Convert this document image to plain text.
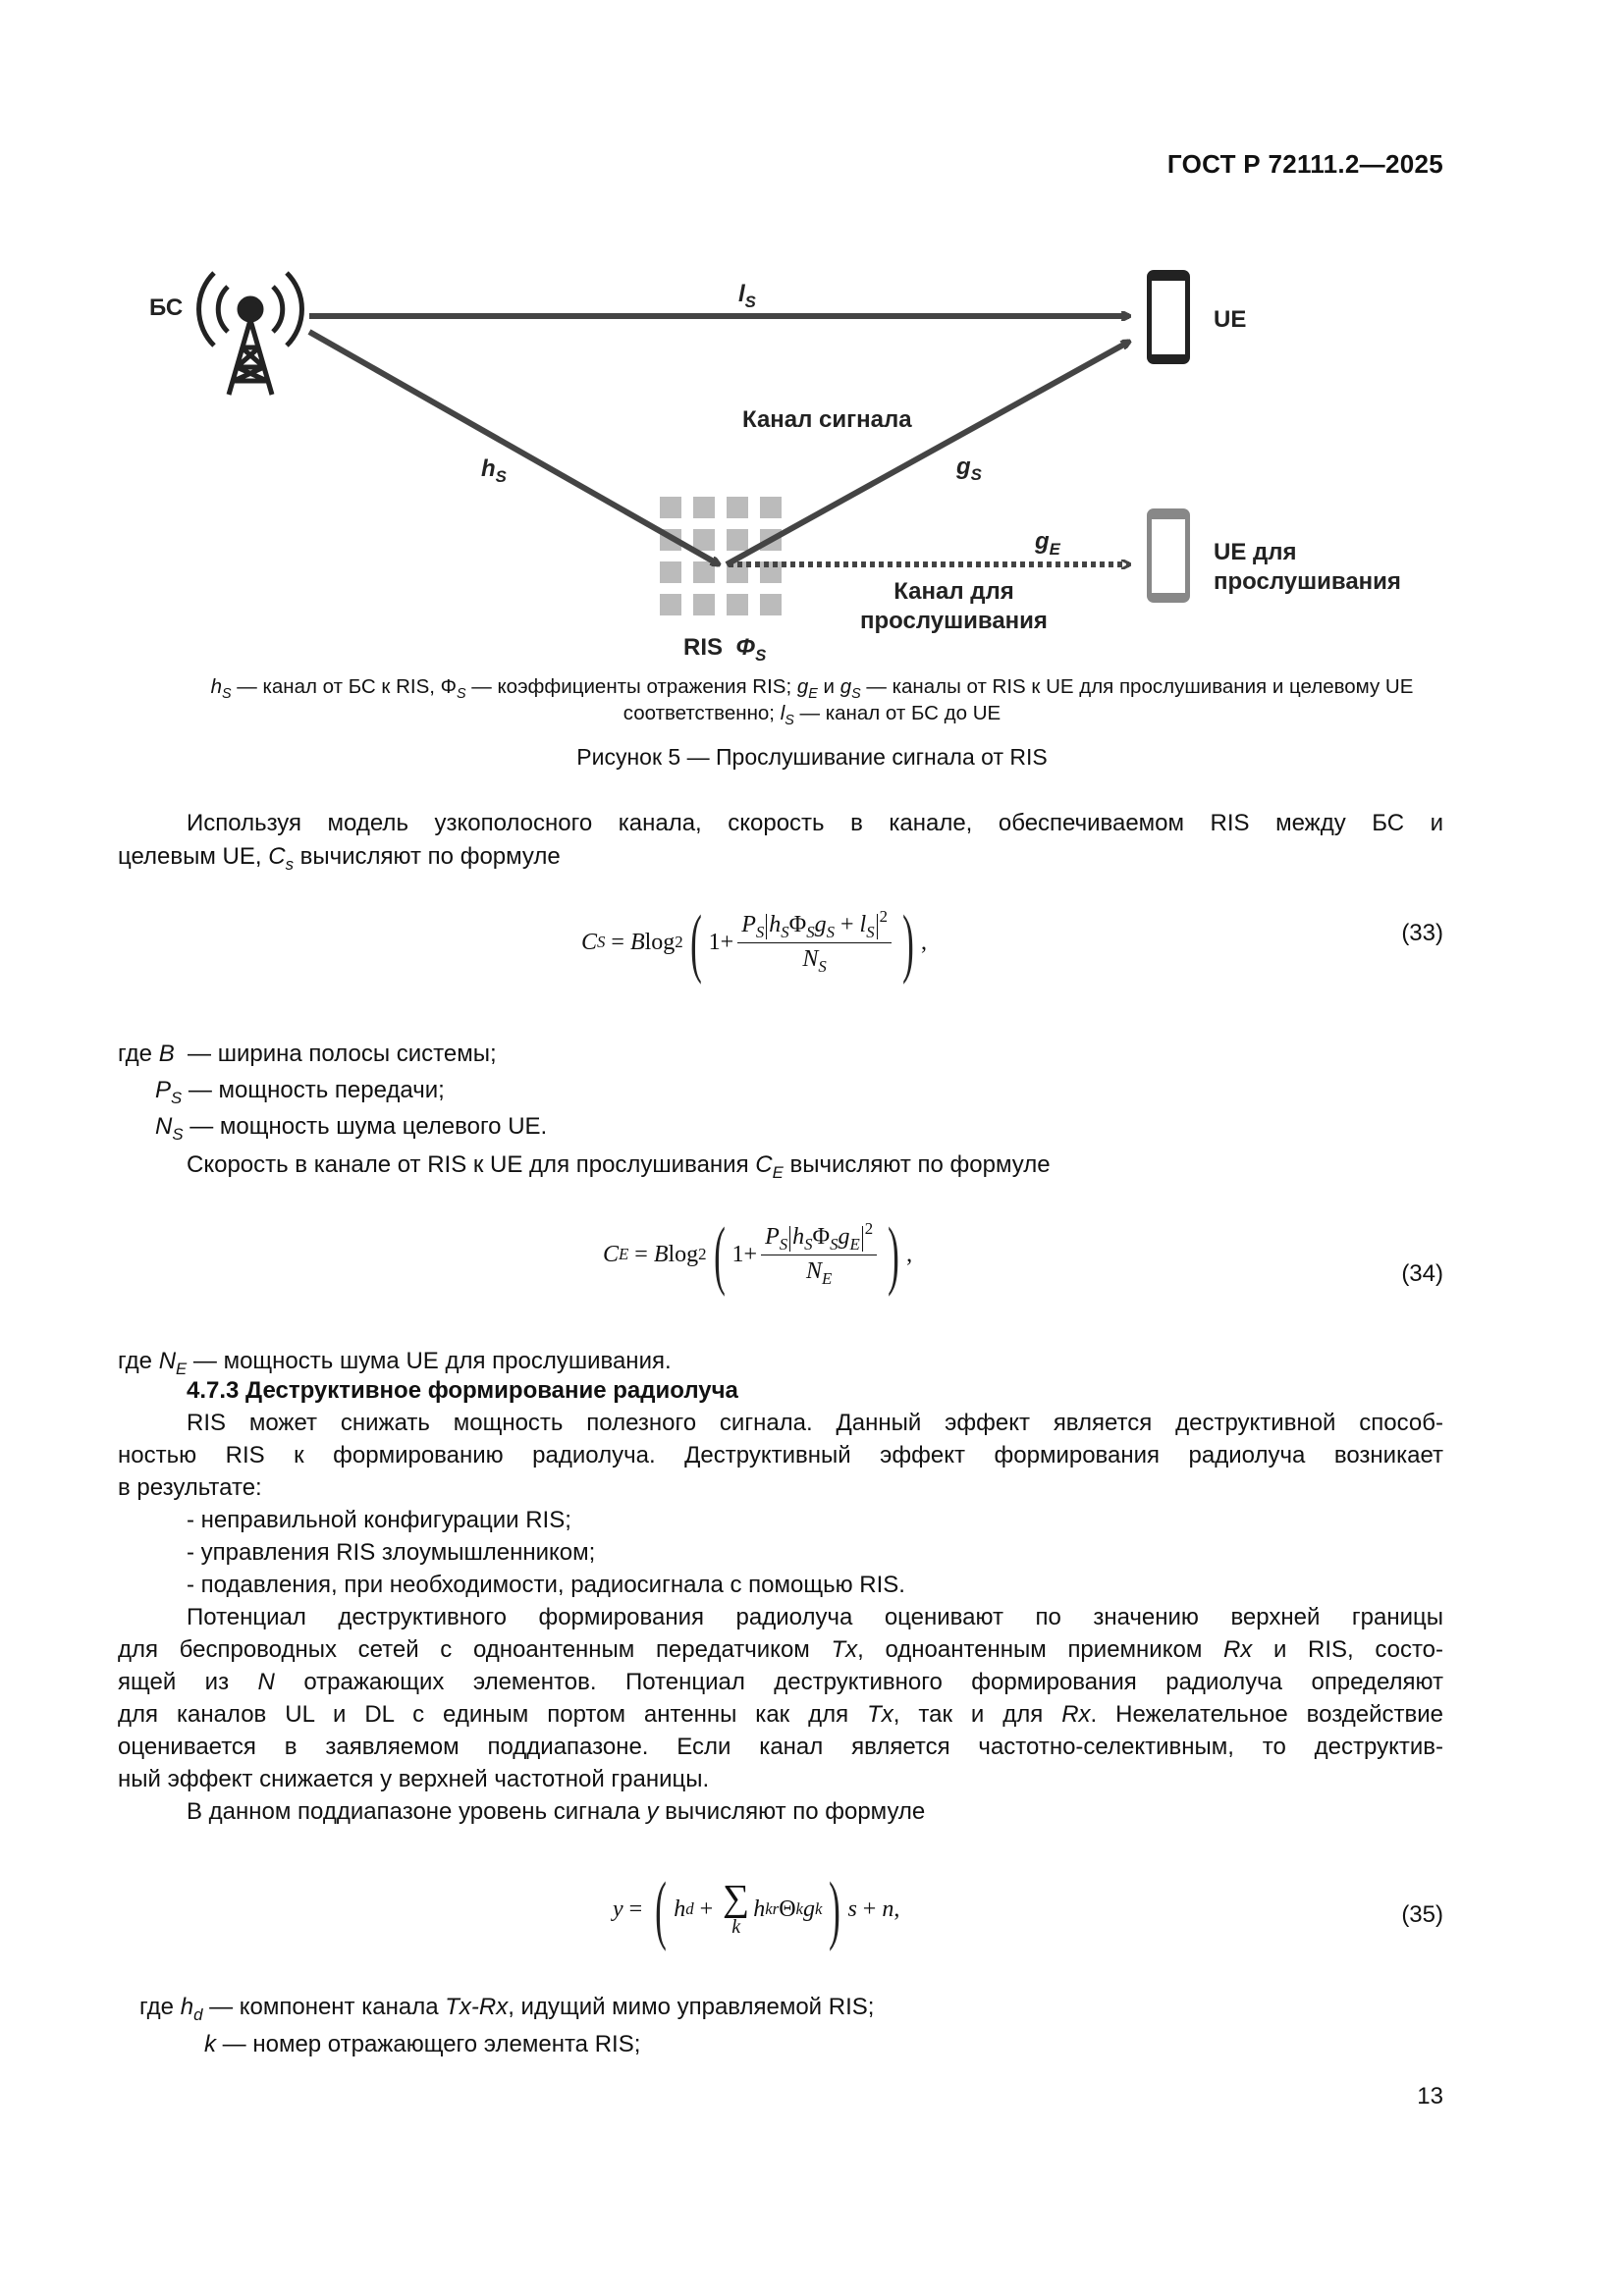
ГОСТ Р 72111.2—2025
БС	UE
$l_S$
Канал сигнала
$h_S$	$g_S$
$g_E$	UE для
прослушивания
Канал для
прослушивания
RIS $\Phi_S$
$h_S$ — канал от БС к RIS, $\Phi_S$ — коэффициенты отражения RIS; $g_E$ и $g_S$ — каналы от RIS к UE для прослушивания и целевому UE
соответственно; $l_S$ — канал от БС до UE
Рисунок 5 — Прослушивание сигнала от RIS
Используя модель узкополосного канала, скорость в канале, обеспечиваемом RIS между БС и
целевым UE, $C_s$ вычисляют по формуле
C S = B log 2 ( $1+ \frac{P_S h_S\Phi_Sg_S + l_S^2}{N_S}$ ) ,	(33)
где B  — ширина полосы системы;
$P_S$ — мощность передачи;
$N_S$ — мощность шума целевого UE.
Скорость в канале от RIS к UE для прослушивания $C_E$ вычисляют по формуле
C E = B log 2 ( $1+ \frac{P_S h_S\Phi_Sg_E^2}{N_E}$ ) ,
(34)
где $N_E$ — мощность шума UE для прослушивания.
4.7.3 Деструктивное формирование радиолуча
RIS может снижать мощность полезного сигнала. Данный эффект является деструктивной способ-
ностью RIS к формированию радиолуча. Деструктивный эффект формирования радиолуча возникает
в результате:
- неправильной конфигурации RIS;
- управления RIS злоумышленником;
- подавления, при необходимости, радиосигнала с помощью RIS.
Потенциал деструктивного формирования радиолуча оценивают по значению верхней границы
для беспроводных сетей с одноантенным передатчиком Tx, одноантенным приемником Rx и RIS, состо-
ящей из N отражающих элементов. Потенциал деструктивного формирования радиолуча определяют
для каналов UL и DL с единым портом антенны как для Tx, так и для Rx. Нежелательное воздействие
оценивается в заявляемом поддиапазоне. Если канал является частотно-селективным, то деструктив-
ный эффект снижается у верхней частотной границы.
В данном поддиапазоне уровень сигнала y вычисляют по формуле
y = ( h d + ∑
k
h k r Θ k g k ) s + n ,	(35)
где $h_d$ — компонент канала Tx-Rx, идущий мимо управляемой RIS;
k — номер отражающего элемента RIS;
13
